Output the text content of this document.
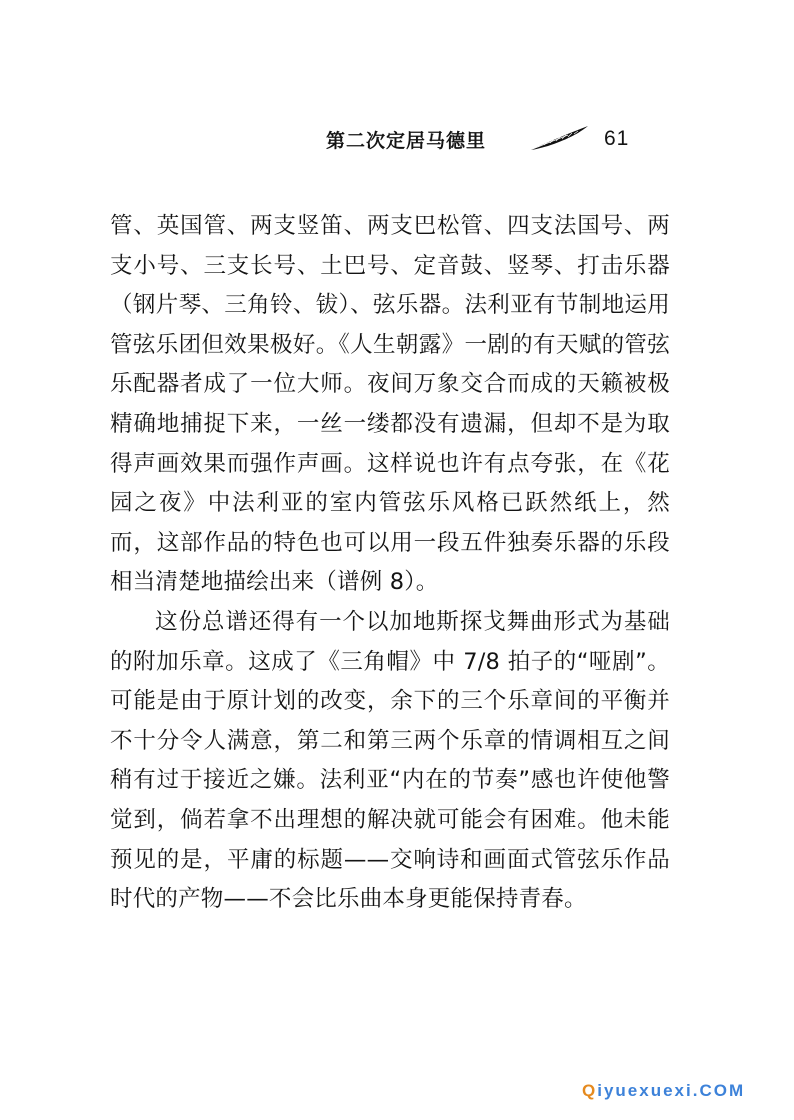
第二次定居马德里	61

管、英国管、两支竖笛、两支巴松管、四支法国号、两支小号、三支长号、土巴号、定音鼓、竖琴、打击乐器（钢片琴、三角铃、钹）、弦乐器。法利亚有节制地运用管弦乐团但效果极好。《人生朝露》一剧的有天赋的管弦乐配器者成了一位大师。夜间万象交合而成的天籁被极精确地捕捉下来，一丝一缕都没有遗漏，但却不是为取得声画效果而强作声画。这样说也许有点夸张，在《花园之夜》中法利亚的室内管弦乐风格已跃然纸上，然而，这部作品的特色也可以用一段五件独奏乐器的乐段相当清楚地描绘出来（谱例 8）。

这份总谱还得有一个以加地斯探戈舞曲形式为基础的附加乐章。这成了《三角帽》中 7/8 拍子的“哑剧”。可能是由于原计划的改变，余下的三个乐章间的平衡并不十分令人满意，第二和第三两个乐章的情调相互之间稍有过于接近之嫌。法利亚“内在的节奏”感也许使他警觉到，倘若拿不出理想的解决就可能会有困难。他未能预见的是，平庸的标题——交响诗和画面式管弦乐作品时代的产物——不会比乐曲本身更能保持青春。

Qiyuexuexi.COM
